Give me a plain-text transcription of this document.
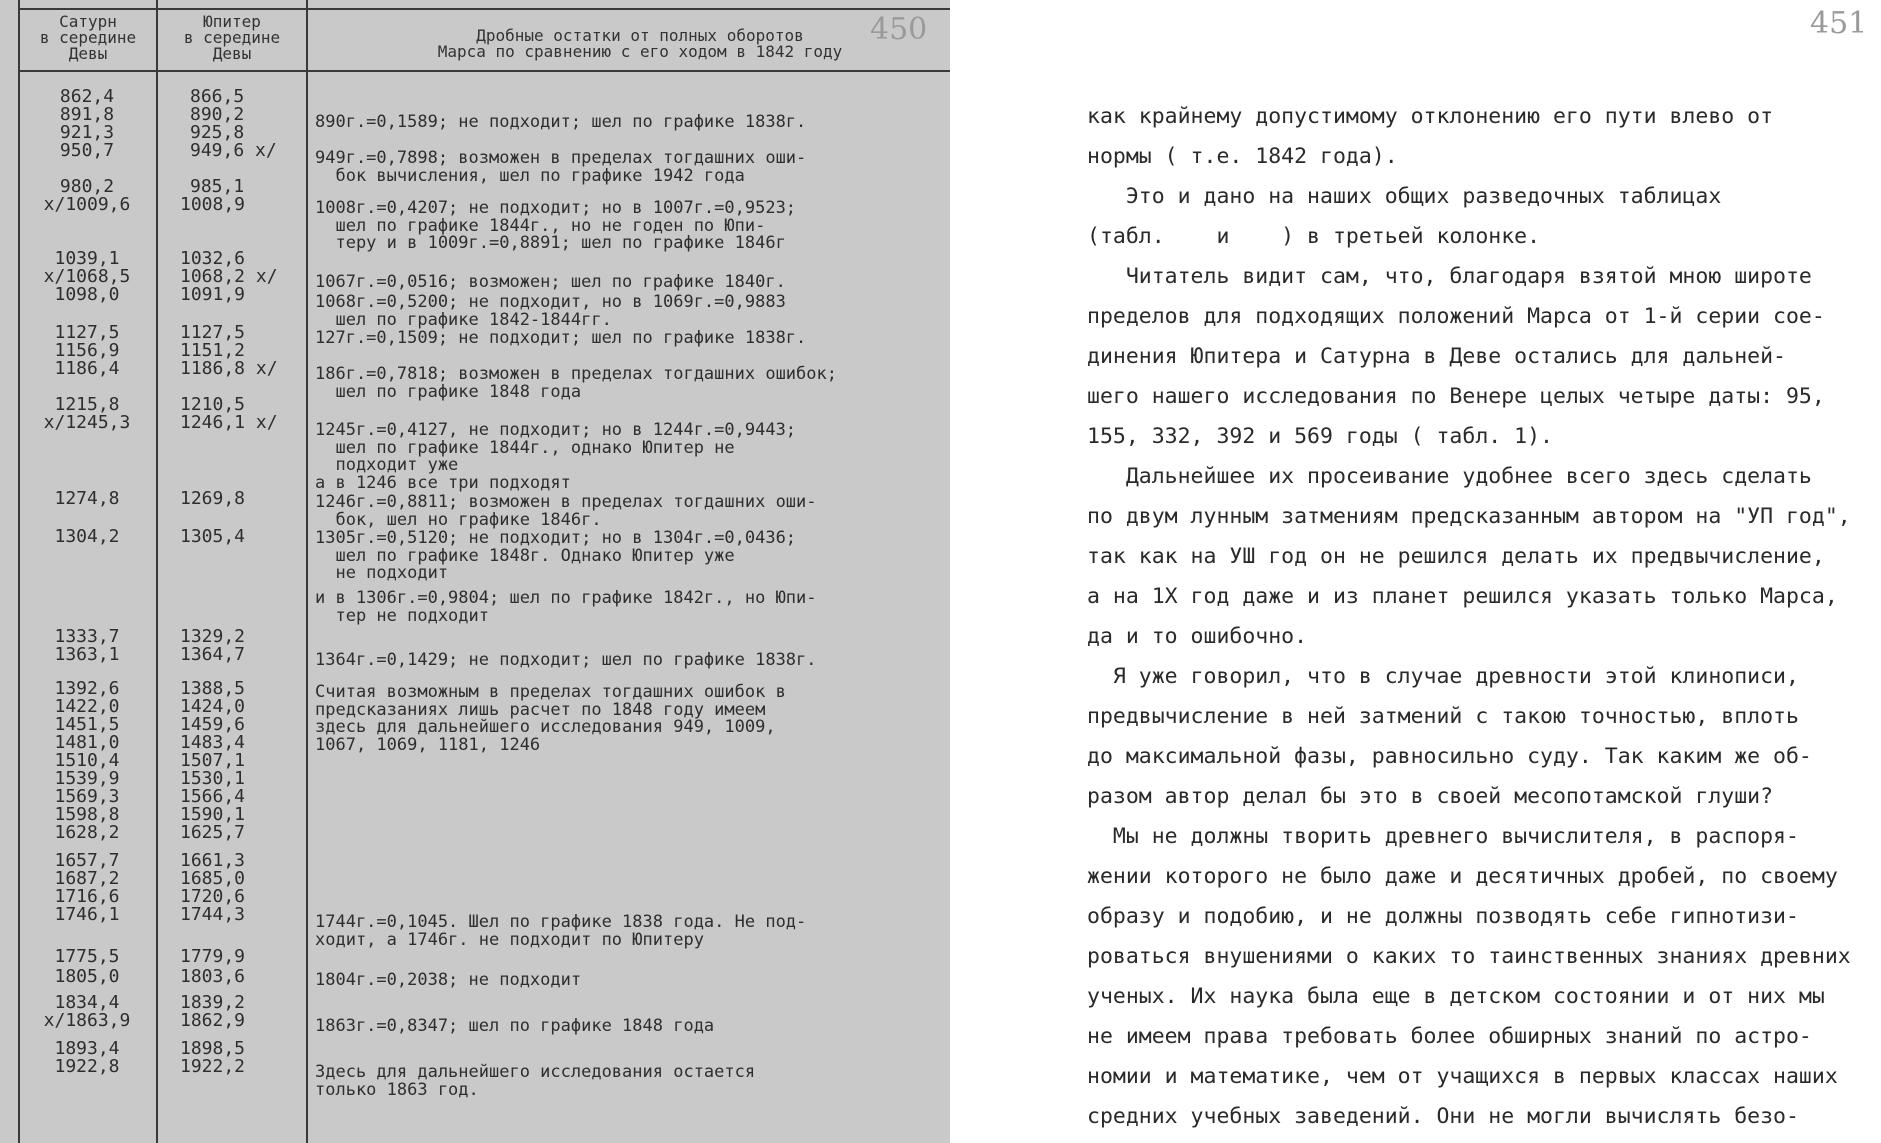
450
Сатурн
в середине
Девы
Юпитер
в середине
Девы
Дробные остатки от полных оборотов
Марса по сравнению с его ходом в 1842 году
862,4
891,8
921,3
950,7
980,2
x/1009,6
1039,1
x/1068,5
1098,0
1127,5
1156,9
1186,4
1215,8
x/1245,3
1274,8
1304,2
1333,7
1363,1
1392,6
1422,0
1451,5
1481,0
1510,4
1539,9
1569,3
1598,8
1628,2
1657,7
1687,2
1716,6
1746,1
1775,5
1805,0
1834,4
x/1863,9
1893,4
1922,8
866,5
890,2
925,8
949,6 x/
985,1
1008,9
1032,6
1068,2 x/
1091,9
1127,5
1151,2
1186,8 x/
1210,5
1246,1 x/
1269,8
1305,4
1329,2
1364,7
1388,5
1424,0
1459,6
1483,4
1507,1
1530,1
1566,4
1590,1
1625,7
1661,3
1685,0
1720,6
1744,3
1779,9
1803,6
1839,2
1862,9
1898,5
1922,2
890г.=0,1589; не подходит; шел по графике 1838г.
949г.=0,7898; возможен в пределах тогдашних оши-
бок вычисления, шел по графике 1942 года
1008г.=0,4207; не подходит; но в 1007г.=0,9523;
шел по графике 1844г., но не годен по Юпи-
теру и в 1009г.=0,8891; шел по графике 1846г
1067г.=0,0516; возможен; шел по графике 1840г.
1068г.=0,5200; не подходит, но в 1069г.=0,9883
шел по графике 1842-1844гг.
127г.=0,1509; не подходит; шел по графике 1838г.
186г.=0,7818; возможен в пределах тогдашних ошибок;
шел по графике 1848 года
1245г.=0,4127, не подходит; но в 1244г.=0,9443;
шел по графике 1844г., однако Юпитер не
подходит уже
a в 1246 все три подходят
1246г.=0,8811; возможен в пределах тогдашних оши-
бок, шел но графике 1846г.
1305г.=0,5120; не подходит; но в 1304г.=0,0436;
шел по графике 1848г. Однако Юпитер уже
не подходит
и в 1306г.=0,9804; шел по графике 1842г., но Юпи-
тер не подходит
1364г.=0,1429; не подходит; шел по графике 1838г.
Считая возможным в пределах тогдашних ошибок в
предсказаниях лишь расчет по 1848 году имеем
здесь для дальнейшего исследования 949, 1009,
1067, 1069, 1181, 1246
1744г.=0,1045. Шел по графике 1838 года. Не под-
ходит, а 1746г. не подходит по Юпитеру
1804г.=0,2038; не подходит
1863г.=0,8347; шел по графике 1848 года
Здесь для дальнейшего исследования остается
только 1863 год.
451
как крайнему допустимому отклонению его пути влево от
нормы ( т.е. 1842 года).
Это и дано на наших общих разведочных таблицах
(табл.    и    ) в третьей колонке.
Читатель видит сам, что, благодаря взятой мною широте
пределов для подходящих положений Марса от 1-й серии сое-
динения Юпитера и Сатурна в Деве остались для дальней-
шего нашего исследования по Венере целых четыре даты: 95,
155, 332, 392 и 569 годы ( табл. 1).
Дальнейшее их просеивание удобнее всего здесь сделать
по двум лунным затмениям предсказанным автором на "УП год",
так как на УШ год он не решился делать их предвычисление,
а на 1Х год даже и из планет решился указать только Марса,
да и то ошибочно.
Я уже говорил, что в случае древности этой клинописи,
предвычисление в ней затмений с такою точностью, вплоть
до максимальной фазы, равносильно суду. Так каким же об-
разом автор делал бы это в своей месопотамской глуши?
Мы не должны творить древнего вычислителя, в распоря-
жении которого не было даже и десятичных дробей, по своему
образу и подобию, и не должны позводять себе гипнотизи-
роваться внушениями о каких то таинственных знаниях древних
ученых. Их наука была еще в детском состоянии и от них мы
не имеем права требовать более обширных знаний по астро-
номии и математике, чем от учащихся в первых классах наших
средних учебных заведений. Они не могли вычислять безо-
